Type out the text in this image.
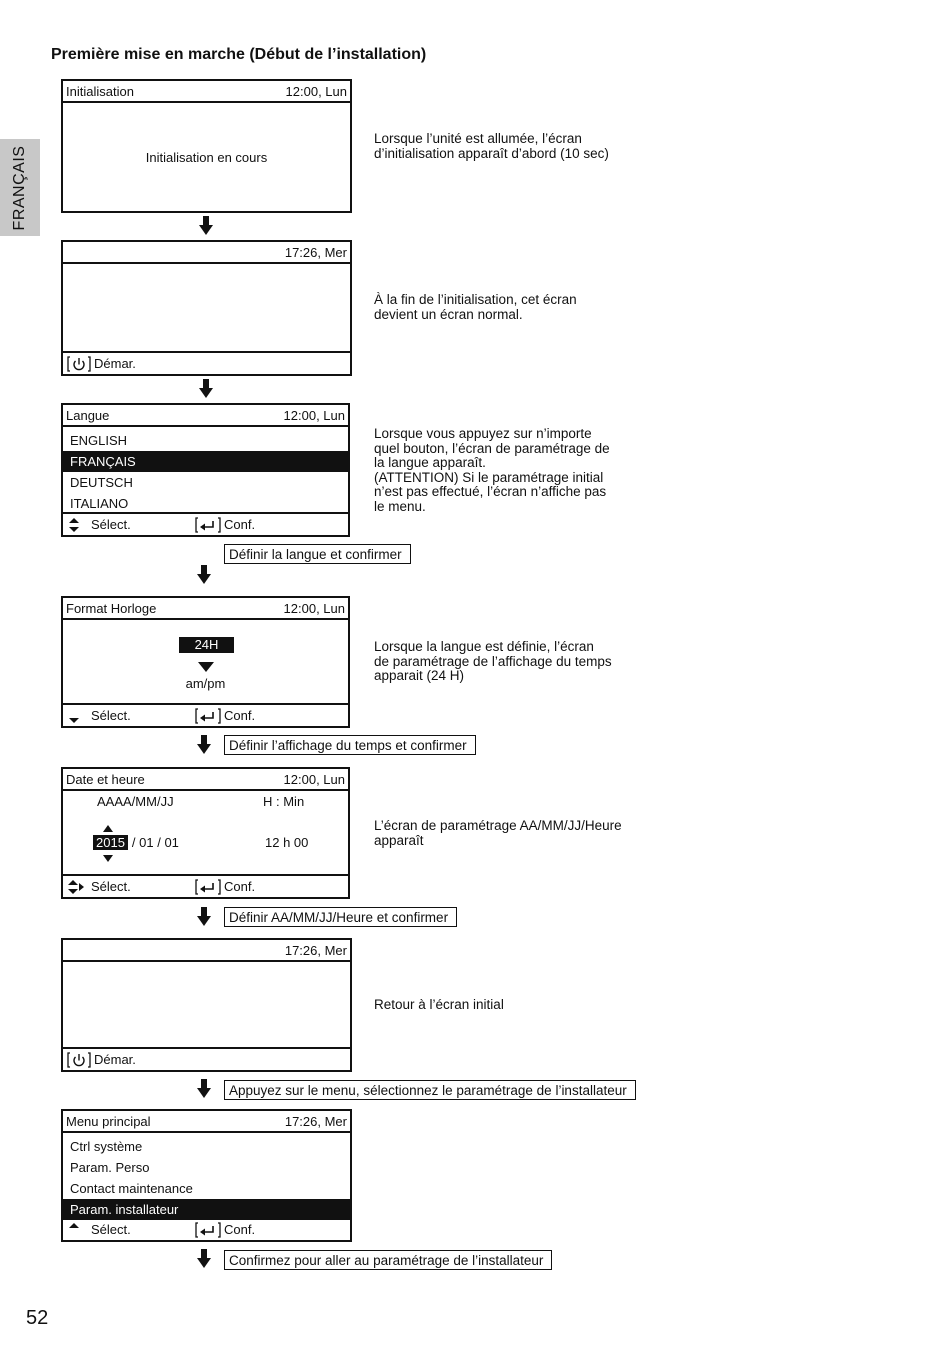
FRANÇAIS
Première mise en marche (Début de l’installation)
52
Initialisation	12:00, Lun
Initialisation en cours

Lorsque l’unité est allumée, l’écran
d’initialisation apparaît d’abord (10 sec)

17:26, Mer
Démar.

À la fin de l’initialisation, cet écran
devient un écran normal.

Langue	12:00, Lun
ENGLISH
FRANÇAIS
DEUTSCH
ITALIANO
Sélect.	Conf.

Lorsque vous appuyez sur n’importe
quel bouton, l’écran de paramétrage de
la langue apparaît.
(ATTENTION) Si le paramétrage initial
n’est pas effectué, l’écran n’affiche pas
le menu.

Définir la langue et confirmer
Format Horloge	12:00, Lun
24H
am/pm
Sélect.	Conf.

Lorsque la langue est définie, l’écran
de paramétrage de l’affichage du temps
apparait (24 H)

Définir l’affichage du temps et confirmer
Date et heure	12:00, Lun
AAAA/MM/JJ	H : Min
2015 / 01 / 01	12 h 00
Sélect.	Conf.

L’écran de paramétrage AA/MM/JJ/Heure
apparaît

Définir AA/MM/JJ/Heure et confirmer
17:26, Mer
Démar.

Retour à l’écran initial

Appuyez sur le menu, sélectionnez le paramétrage de l’installateur
Menu principal	17:26, Mer
Ctrl système
Param. Perso
Contact maintenance
Param. installateur
Sélect.	Conf.
Confirmez pour aller au paramétrage de l’installateur
